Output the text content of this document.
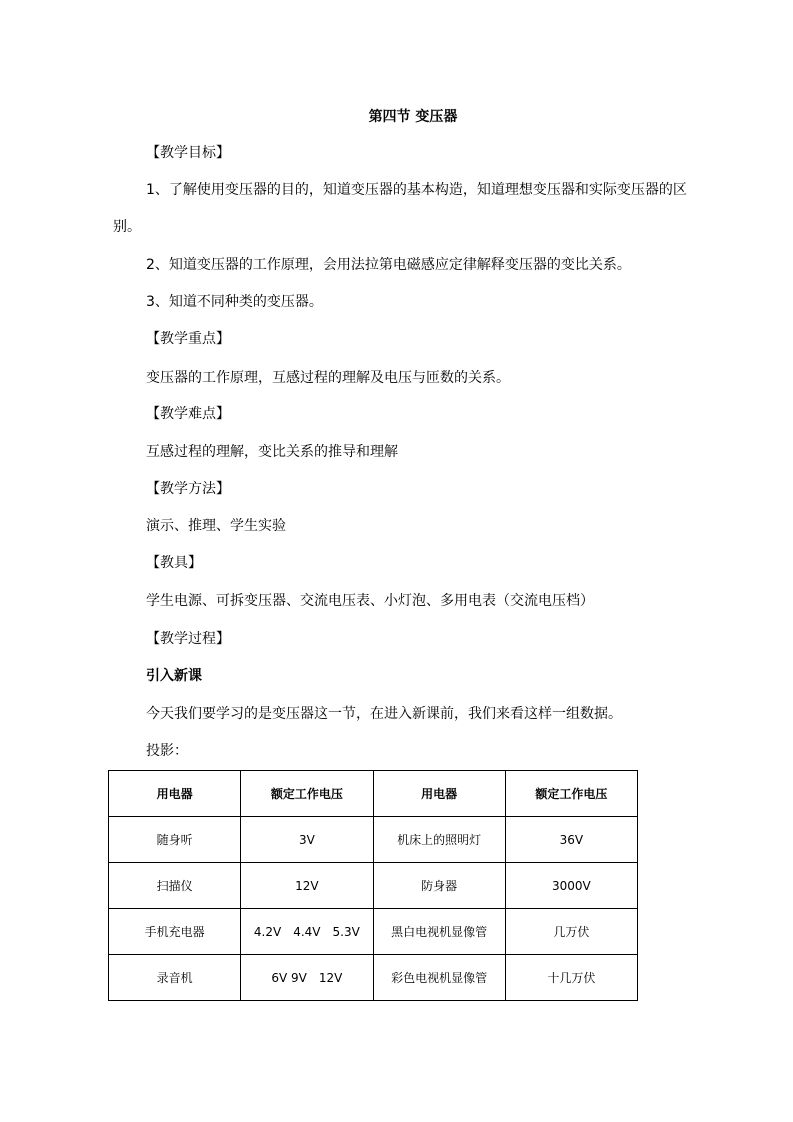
第四节 变压器
【教学目标】
1、了解使用变压器的目的，知道变压器的基本构造，知道理想变压器和实际变压器的区别。
2、知道变压器的工作原理，会用法拉第电磁感应定律解释变压器的变比关系。
3、知道不同种类的变压器。
【教学重点】
变压器的工作原理，互感过程的理解及电压与匝数的关系。
【教学难点】
互感过程的理解，变比关系的推导和理解
【教学方法】
演示、推理、学生实验
【教具】
学生电源、可拆变压器、交流电压表、小灯泡、多用电表（交流电压档）
【教学过程】
引入新课
今天我们要学习的是变压器这一节，在进入新课前，我们来看这样一组数据。
投影：
用电器	额定工作电压	用电器	额定工作电压
随身听	3V	机床上的照明灯	36V
扫描仪	12V	防身器	3000V
手机充电器	4.2V　4.4V　5.3V	黑白电视机显像管	几万伏
录音机	6V 9V　12V	彩色电视机显像管	十几万伏
